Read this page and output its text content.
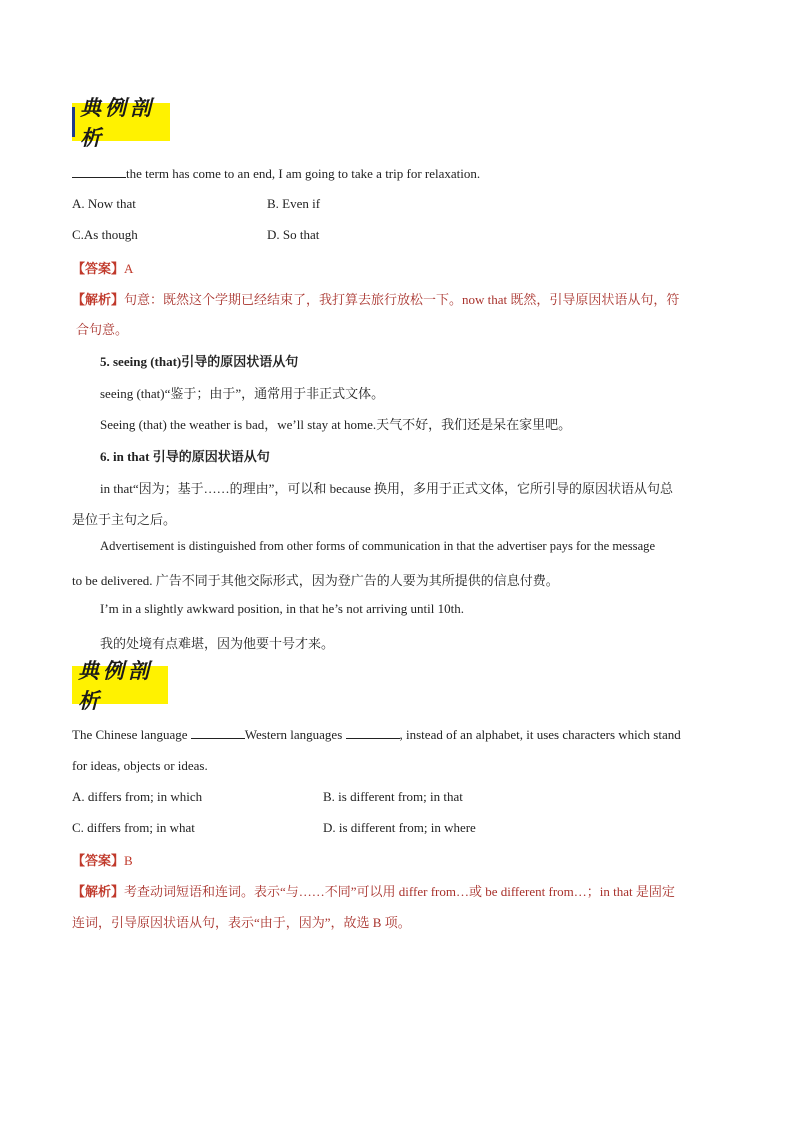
典例剖析
the term has come to an end, I am going to take a trip for relaxation.
A. Now that	B. Even if
C.As though	D. So that
【答案】A
【解析】句意：既然这个学期已经结束了，我打算去旅行放松一下。now that 既然，引导原因状语从句，符
合句意。
5. seeing (that)引导的原因状语从句
seeing (that)“鉴于；由于”，通常用于非正式文体。
Seeing (that) the weather is bad，we’ll stay at home.天气不好，我们还是呆在家里吧。
6. in that 引导的原因状语从句
in that“因为；基于……的理由”，可以和 because 换用，多用于正式文体，它所引导的原因状语从句总
是位于主句之后。
Advertisement is distinguished from other forms of communication in that the advertiser pays for the message
to be delivered. 广告不同于其他交际形式，因为登广告的人要为其所提供的信息付费。
I’m in a slightly awkward position, in that he’s not arriving until 10th.
我的处境有点难堪，因为他要十号才来。
典例剖析
The Chinese language	Western languages	, instead of an alphabet, it uses characters which stand
for ideas, objects or ideas.
A. differs from; in which	B. is different from; in that
C. differs from; in what	D. is different from; in where
【答案】B
【解析】考查动词短语和连词。表示“与……不同”可以用 differ from…或 be different from…；in that 是固定
连词，引导原因状语从句，表示“由于，因为”，故选 B 项。
